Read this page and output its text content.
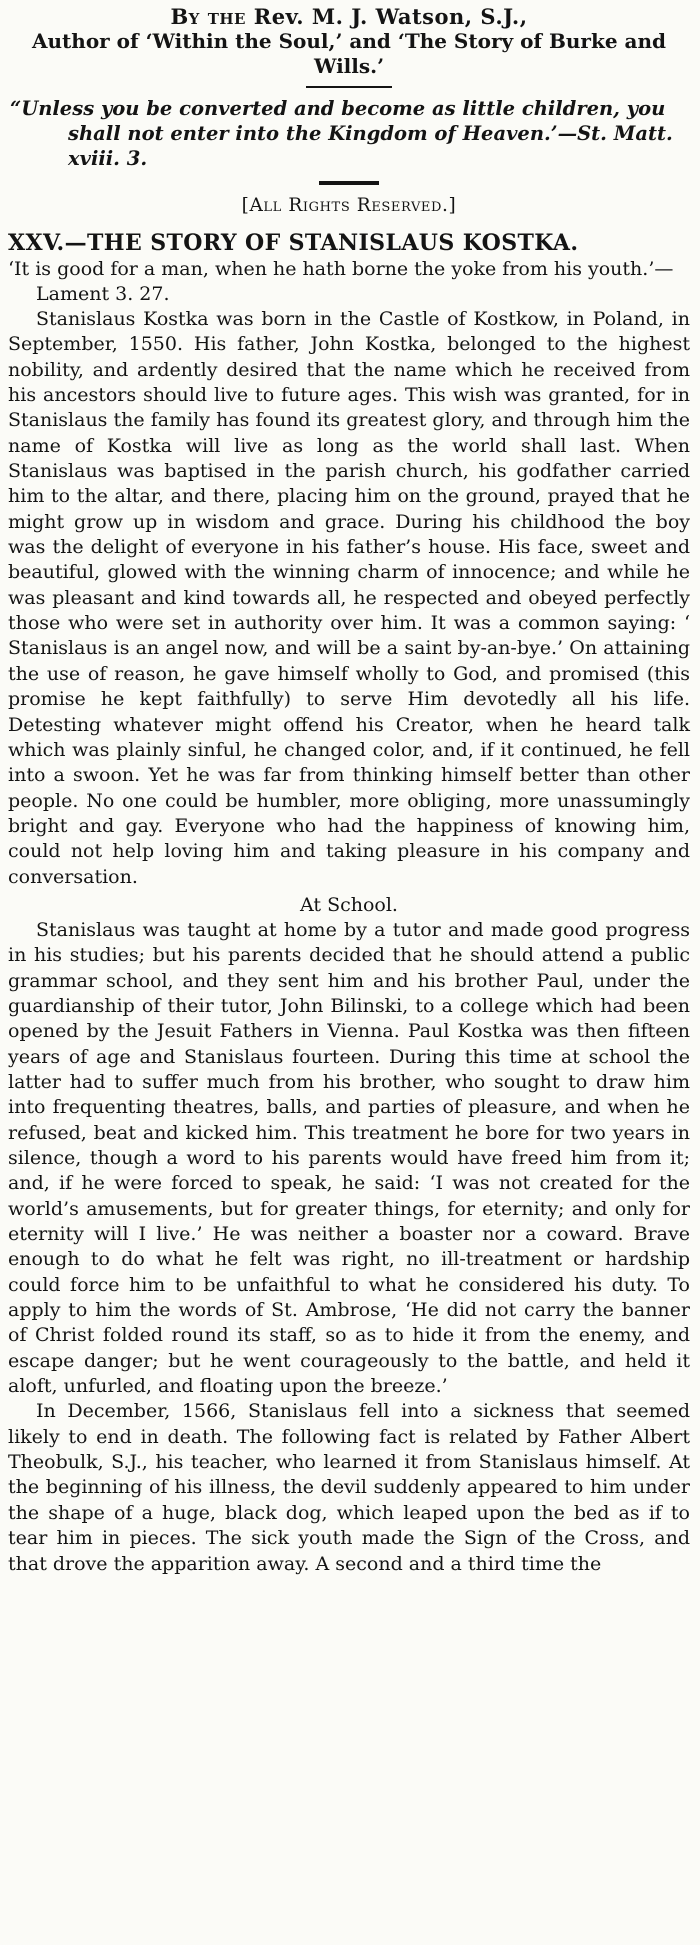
By the Rev. M. J. Watson, S.J.,

Author of ‘Within the Soul,’ and ‘The Story of Burke and Wills.’

“Unless you be converted and become as little children, you shall not enter into the Kingdom of Heaven.’—St. Matt. xviii. 3.

[All Rights Reserved.]

XXV.—THE STORY OF STANISLAUS KOSTKA.

‘It is good for a man, when he hath borne the yoke from his youth.’—Lament 3. 27.

Stanislaus Kostka was born in the Castle of Kostkow, in Poland, in September, 1550. His father, John Kostka, belonged to the highest nobility, and ardently desired that the name which he received from his ancestors should live to future ages. This wish was granted, for in Stanislaus the family has found its greatest glory, and through him the name of Kostka will live as long as the world shall last. When Stanislaus was baptised in the parish church, his godfather carried him to the altar, and there, placing him on the ground, prayed that he might grow up in wisdom and grace. During his childhood the boy was the delight of everyone in his father’s house. His face, sweet and beautiful, glowed with the winning charm of innocence; and while he was pleasant and kind towards all, he respected and obeyed perfectly those who were set in authority over him. It was a common saying: ‘ Stanislaus is an angel now, and will be a saint by-an-bye.’ On attaining the use of reason, he gave himself wholly to God, and promised (this promise he kept faithfully) to serve Him devotedly all his life. Detesting whatever might offend his Creator, when he heard talk which was plainly sinful, he changed color, and, if it continued, he fell into a swoon. Yet he was far from thinking himself better than other people. No one could be humbler, more obliging, more unassumingly bright and gay. Everyone who had the happiness of knowing him, could not help loving him and taking pleasure in his company and conversation.

At School.

Stanislaus was taught at home by a tutor and made good progress in his studies; but his parents decided that he should attend a public grammar school, and they sent him and his brother Paul, under the guardianship of their tutor, John Bilinski, to a college which had been opened by the Jesuit Fathers in Vienna. Paul Kostka was then fifteen years of age and Stanislaus fourteen. During this time at school the latter had to suffer much from his brother, who sought to draw him into frequenting theatres, balls, and parties of pleasure, and when he refused, beat and kicked him. This treatment he bore for two years in silence, though a word to his parents would have freed him from it; and, if he were forced to speak, he said: ‘I was not created for the world’s amusements, but for greater things, for eternity; and only for eternity will I live.’ He was neither a boaster nor a coward. Brave enough to do what he felt was right, no ill-treatment or hardship could force him to be unfaithful to what he considered his duty. To apply to him the words of St. Ambrose, ‘He did not carry the banner of Christ folded round its staff, so as to hide it from the enemy, and escape danger; but he went courageously to the battle, and held it aloft, unfurled, and floating upon the breeze.’

In December, 1566, Stanislaus fell into a sickness that seemed likely to end in death. The following fact is related by Father Albert Theobulk, S.J., his teacher, who learned it from Stanislaus himself. At the beginning of his illness, the devil suddenly appeared to him under the shape of a huge, black dog, which leaped upon the bed as if to tear him in pieces. The sick youth made the Sign of the Cross, and that drove the apparition away. A second and a third time the
